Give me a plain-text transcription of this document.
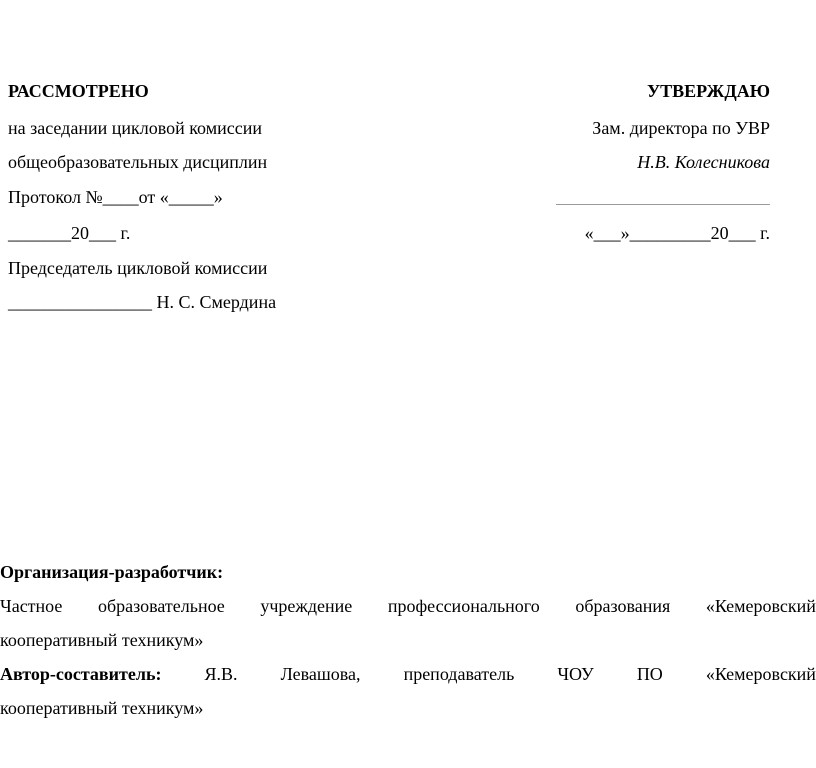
РАССМОТРЕНО
на заседании цикловой комиссии
общеобразовательных дисциплин
Протокол №____от «_____»
_______20___ г.
Председатель цикловой комиссии
________________ Н. С. Смердина
УТВЕРЖДАЮ
Зам. директора по УВР
Н.В. Колесникова
«___»_________20___ г.
Организация-разработчик:
Частное образовательное учреждение профессионального образования «Кемеровский
кооперативный техникум»
Автор-составитель: Я.В. Левашова, преподаватель ЧОУ ПО «Кемеровский
кооперативный техникум»
